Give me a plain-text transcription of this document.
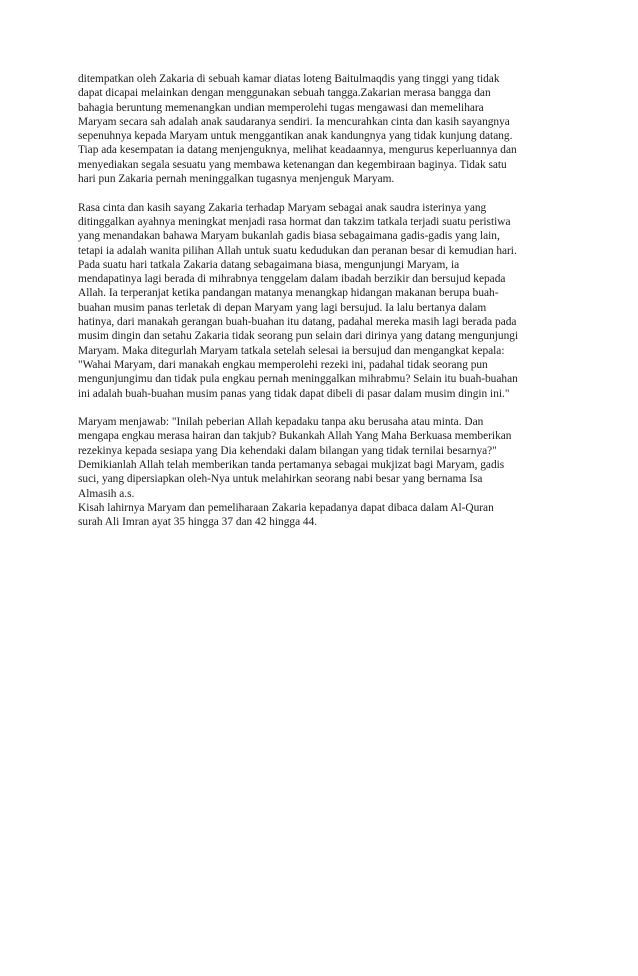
ditempatkan oleh Zakaria di sebuah kamar diatas loteng Baitulmaqdis yang tinggi yang tidak
dapat dicapai melainkan dengan menggunakan sebuah tangga.Zakarian merasa bangga dan
bahagia beruntung memenangkan undian memperolehi tugas mengawasi dan memelihara
Maryam secara sah adalah anak saudaranya sendiri. Ia mencurahkan cinta dan kasih sayangnya
sepenuhnya kepada Maryam untuk menggantikan anak kandungnya yang tidak kunjung datang.
Tiap ada kesempatan ia datang menjenguknya, melihat keadaannya, mengurus keperluannya dan
menyediakan segala sesuatu yang membawa ketenangan dan kegembiraan baginya. Tidak satu
hari pun Zakaria pernah meninggalkan tugasnya menjenguk Maryam.

Rasa cinta dan kasih sayang Zakaria terhadap Maryam sebagai anak saudra isterinya yang
ditinggalkan ayahnya meningkat menjadi rasa hormat dan takzim tatkala terjadi suatu peristiwa
yang menandakan bahawa Maryam bukanlah gadis biasa sebagaimana gadis-gadis yang lain,
tetapi ia adalah wanita pilihan Allah untuk suatu kedudukan dan peranan besar di kemudian hari.
Pada suatu hari tatkala Zakaria datang sebagaimana biasa, mengunjungi Maryam, ia
mendapatinya lagi berada di mihrabnya tenggelam dalam ibadah berzikir dan bersujud kepada
Allah. Ia terperanjat ketika pandangan matanya menangkap hidangan makanan berupa buah-
buahan musim panas terletak di depan Maryam yang lagi bersujud. Ia lalu bertanya dalam
hatinya, dari manakah gerangan buah-buahan itu datang, padahal mereka masih lagi berada pada
musim dingin dan setahu Zakaria tidak seorang pun selain dari dirinya yang datang mengunjungi
Maryam. Maka ditegurlah Maryam tatkala setelah selesai ia bersujud dan mengangkat kepala:
"Wahai Maryam, dari manakah engkau memperolehi rezeki ini, padahal tidak seorang pun
mengunjungimu dan tidak pula engkau pernah meninggalkan mihrabmu? Selain itu buah-buahan
ini adalah buah-buahan musim panas yang tidak dapat dibeli di pasar dalam musim dingin ini."

Maryam menjawab: "Inilah peberian Allah kepadaku tanpa aku berusaha atau minta. Dan
mengapa engkau merasa hairan dan takjub? Bukankah Allah Yang Maha Berkuasa memberikan
rezekinya kepada sesiapa yang Dia kehendaki dalam bilangan yang tidak ternilai besarnya?"
Demikianlah Allah telah memberikan tanda pertamanya sebagai mukjizat bagi Maryam, gadis
suci, yang dipersiapkan oleh-Nya untuk melahirkan seorang nabi besar yang bernama Isa
Almasih a.s.
Kisah lahirnya Maryam dan pemeliharaan Zakaria kepadanya dapat dibaca dalam Al-Quran
surah Ali Imran ayat 35 hingga 37 dan 42 hingga 44.
